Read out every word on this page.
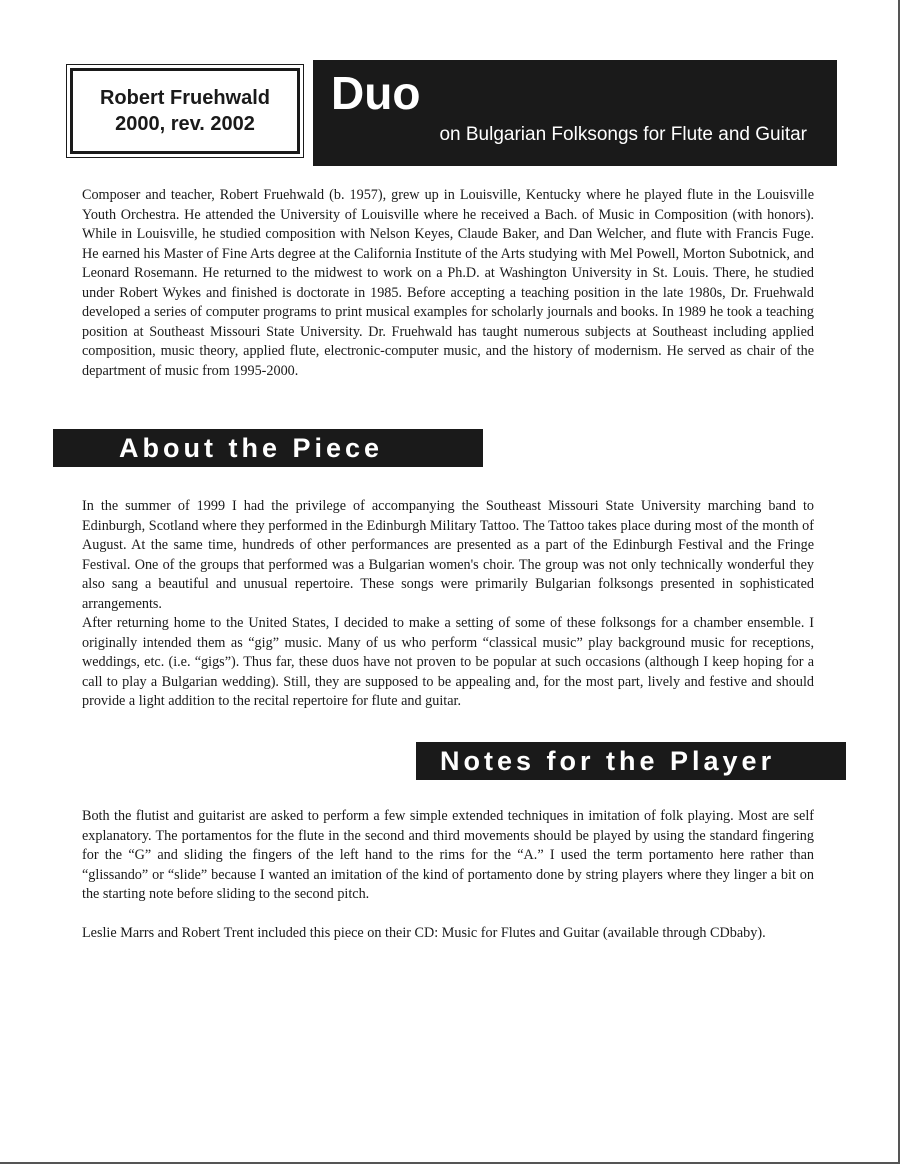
Robert Fruehwald
2000, rev. 2002
Duo
on Bulgarian Folksongs for Flute and Guitar

Composer and teacher, Robert Fruehwald (b. 1957), grew up in Louisville, Kentucky where he played flute in the Louisville Youth Orchestra. He attended the University of Louisville where he received a Bach. of Music in Composition (with honors). While in Louisville, he studied composition with Nelson Keyes, Claude Baker, and Dan Welcher, and flute with Francis Fuge. He earned his Master of Fine Arts degree at the California Institute of the Arts studying with Mel Powell, Morton Subotnick, and Leonard Rosemann. He returned to the midwest to work on a Ph.D. at Washington University in St. Louis. There, he studied under Robert Wykes and finished is doctorate in 1985. Before accepting a teaching position in the late 1980s, Dr. Fruehwald developed a series of computer programs to print musical examples for scholarly journals and books. In 1989 he took a teaching position at Southeast Missouri State University. Dr. Fruehwald has taught numerous subjects at Southeast including applied composition, music theory, applied flute, electronic-computer music, and the history of modernism. He served as chair of the department of music from 1995-2000.

About the Piece

In the summer of 1999 I had the privilege of accompanying the Southeast Missouri State University marching band to Edinburgh, Scotland where they performed in the Edinburgh Military Tattoo. The Tattoo takes place during most of the month of August. At the same time, hundreds of other performances are presented as a part of the Edinburgh Festival and the Fringe Festival. One of the groups that performed was a Bulgarian women's choir. The group was not only technically wonderful they also sang a beautiful and unusual repertoire. These songs were primarily Bulgarian folksongs presented in sophisticated arrangements.

After returning home to the United States, I decided to make a setting of some of these folksongs for a chamber ensemble. I originally intended them as “gig” music. Many of us who perform “classical music” play background music for receptions, weddings, etc. (i.e. “gigs”). Thus far, these duos have not proven to be popular at such occasions (although I keep hoping for a call to play a Bulgarian wedding). Still, they are supposed to be appealing and, for the most part, lively and festive and should provide a light addition to the recital repertoire for flute and guitar.

Notes for the Player

Both the flutist and guitarist are asked to perform a few simple extended techniques in imitation of folk playing. Most are self explanatory. The portamentos for the flute in the second and third movements should be played by using the standard fingering for the “G” and sliding the fingers of the left hand to the rims for the “A.” I used the term portamento here rather than “glissando” or “slide” because I wanted an imitation of the kind of portamento done by string players where they linger a bit on the starting note before sliding to the second pitch.

Leslie Marrs and Robert Trent included this piece on their CD: Music for Flutes and Guitar (available through CDbaby).
